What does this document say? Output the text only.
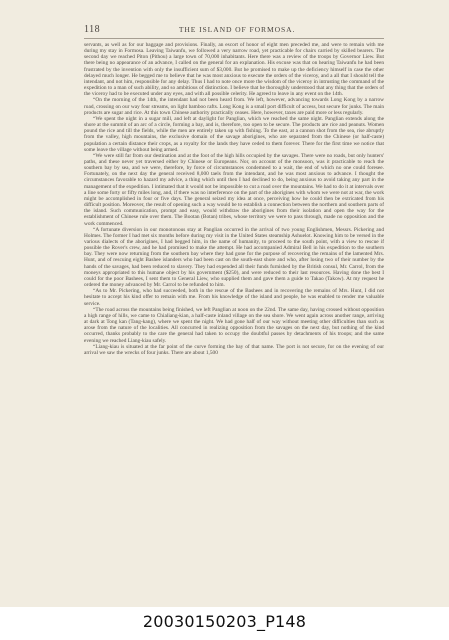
118	THE ISLAND OF FORMOSA.

servants, as well as for our baggage and provisions. Finally, an escort of honor of eight men preceded me, and were to remain with me during my stay in Formosa. Leaving Taiwanfu, we followed a very narrow road, yet practicable for chairs carried by skilled bearers. The second day we reached Piton (Pithou) a large town of 70,000 inhabitants. Here there was a review of the troops by Governor Liew. But there being no appearance of an advance, I called on the general for an explanation. His excuse was that on hearing Taiwanfu he had been frustrated by the invention with only the insufficient sum of $3,000. But he promised to make up the deficiency himself in case the other delayed much longer. He begged me to believe that he was most anxious to execute the orders of the viceroy, and a all that I should tell the intendant, and not him, responsible for any delay. Thus I had to note once more the wisdom of the viceroy in intrusting the command of the expedition to a man of such ability, and so ambitious of distinction. I believe that he thoroughly understood that any thing that the orders of the viceroy had to be executed under any eyes, and with all possible celerity. He agreed to leave in any event on the 14th.

“On the morning of the 14th, the intendant had not been heard from. We left, however, advancing towards Long Kong by a narrow road, crossing on our way four streams, on light bamboo rafts. Long Kong is a small port difficult of access, but secure for junks. The main products are sugar and rice. At this town Chinese authority practically ceases. Here, however, taxes are paid more or less regularly.

“We spent the night in a sugar mill, and left at daylight for Panglian, which we reached the same night. Panglian extends along the shore at the summit of an arc of a circle, forming a bay, and is, therefore, too open to be secure. The products are rice and peanuts. Women pound the rice and till the fields, while the men are entirely taken up with fishing. To the east, at a cannon shot from the sea, rise abruptly from the valley, high mountains, the exclusive domain of the savage aborigines, who are separated from the Chinese (or half-caste) population a certain distance their crops, as a royalty for the lands they have ceded to them forever. There for the first time we notice that some leave the village without being armed.

“We were still far from our destination and at the foot of the high hills occupied by the savages. There were no roads, but only hunters' paths, and these never yet traversed either by Chinese or Europeans. Nor, on account of the monsoon, was it practicable to reach the southern bay by sea, and we were, therefore, by force of circumstances condemned to a wait, the end of which no one could foresee. Fortunately, on the next day the general received 8,000 taels from the intendant, and he was most anxious to advance. I thought the circumstances favorable to hazard my advice, a thing which until then I had declined to do, being anxious to avoid taking any part in the management of the expedition. I intimated that it would not be impossible to cut a road over the mountains. We had to do it at intervals over a line some forty or fifty miles long, and, if there was no interference on the part of the aborigines with whom we were not at war, the work might be accomplished in four or five days. The general seized my idea at once, perceiving how he could then be extricated from his difficult position. Moreover, the result of opening such a way would be to establish a connection between the northern and southern parts of the island. Such communication, prompt and easy, would withdraw the aborigines from their isolation and open the way for the establishment of Chinese rule over them. The Bootan (Botan) tribes, whose territory we were to pass through, made no opposition and the work commenced.

“A fortunate diversion in our monotonous stay at Panglian occurred in the arrival of two young Englishmen, Messrs. Pickering and Holmes. The former I had met six months before during my visit in the United States steamship Ashuelot. Knowing him to be versed in the various dialects of the aborigines, I had begged him, in the name of humanity, to proceed to the south point, with a view to rescue if possible the Rover's crew, and he had promised to make the attempt. He had accompanied Admiral Bell in his expedition to the southern bay. They were now returning from the southern bay where they had gone for the purpose of recovering the remains of the lamented Mrs. Hunt, and of rescuing eight Bashee islanders who had been cast on the south-east shore and who, after losing two of their number by the hands of the savages, had been reduced to slavery. They had expended all their funds furnished by the British consul, Mr. Carrol, from the moneys appropriated to this humane object by his government ($250), and were reduced to their last resources. Having done the best I could for the poor Bashees, I sent them to General Liew, who supplied them and gave them a guide to Takao (Takow). At my request he ordered the money advanced by Mr. Carrol to be refunded to him.

“As to Mr. Pickering, who had succeeded, both in the rescue of the Bashees and in recovering the remains of Mrs. Hunt, I did not hesitate to accept his kind offer to remain with me. From his knowledge of the island and people, he was enabled to render me valuable service.

“The road across the mountains being finished, we left Panglian at noon on the 22nd. The same day, having crossed without opposition a high range of hills, we came to Chialiang-kian, a half-caste inland village on the sea shore. We went again across another range, arriving at dark at Tong kan (Tang-kang), where we spent the night. We had gone half of our way without meeting other difficulties than such as arose from the nature of the localities. All concurred in realizing opposition from the savages on the next day, but nothing of the kind occurred, thanks probably to the care the general had taken to occupy the doubtful passes by detachments of his troops; and the same evening we reached Liang-kiau safely.

“Liang-kiau is situated at the far point of the curve forming the bay of that name. The port is not secure, for on the evening of our arrival we saw the wrecks of four junks. There are about 1,500

20030150203_P148
